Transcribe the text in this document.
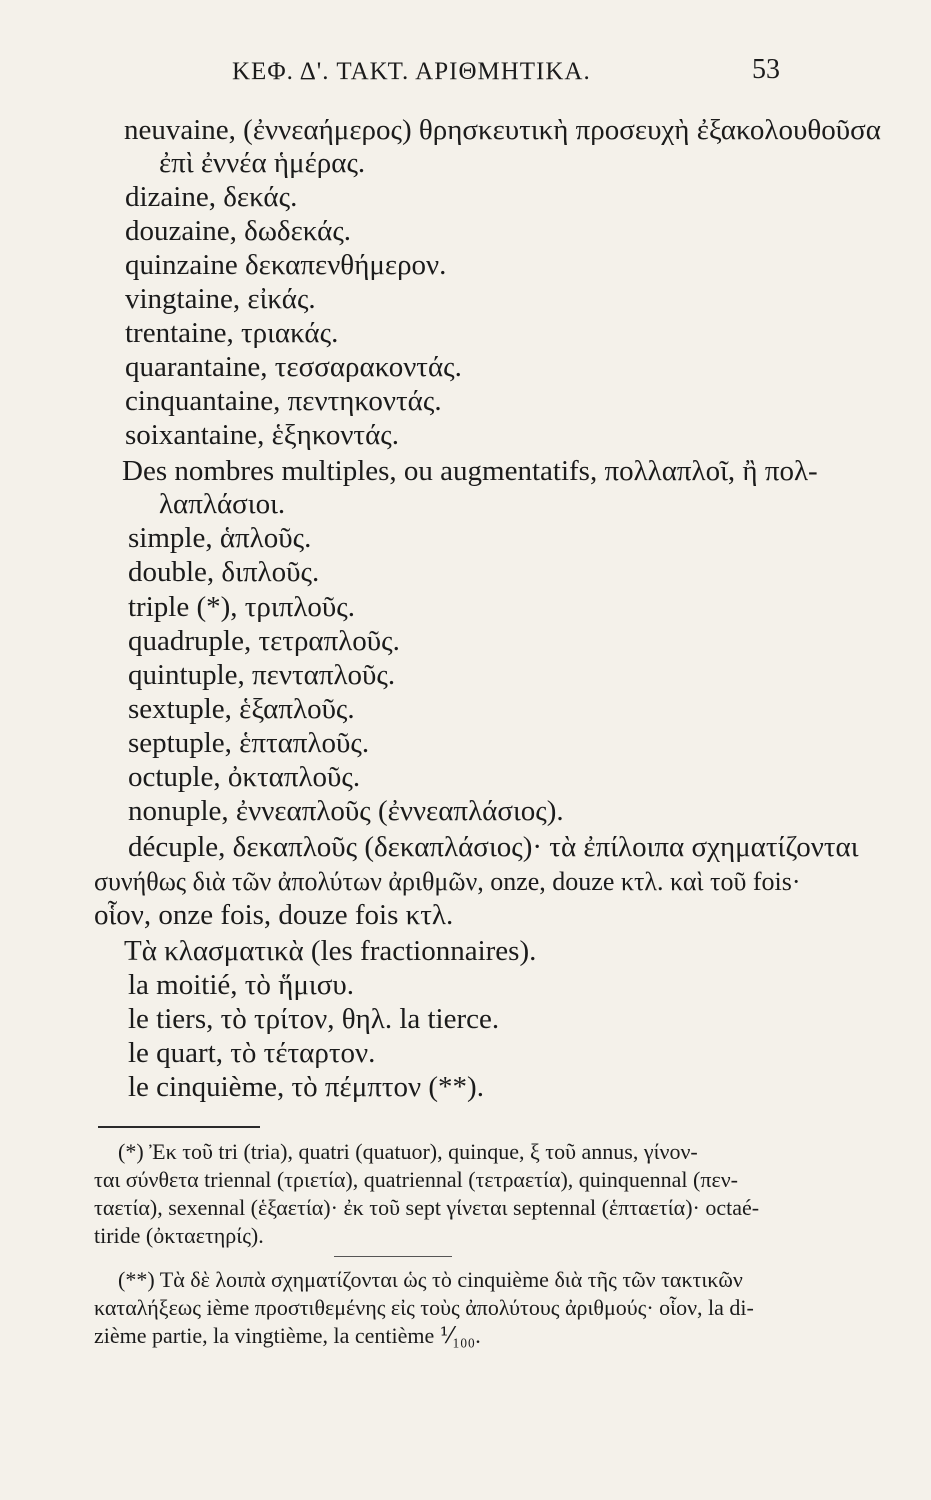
ΚΕΦ. Δ'. ΤΑΚΤ. ΑΡΙΘΜΗΤΙΚΑ.	53
neuvaine, (ἐννεαήμερος) θρησκευτικὴ προσευχὴ ἐξακολουθοῦσα
ἐπὶ ἐννέα ἡμέρας.
dizaine, δεκάς.
douzaine, δωδεκάς.
quinzaine δεκαπενθήμερον.
vingtaine, εἰκάς.
trentaine, τριακάς.
quarantaine, τεσσαρακοντάς.
cinquantaine, πεντηκοντάς.
soixantaine, ἑξηκοντάς.
Des nombres multiples, ou augmentatifs, πολλαπλοῖ, ἢ πολ-
λαπλάσιοι.
simple, ἁπλοῦς.
double, διπλοῦς.
triple (*), τριπλοῦς.
quadruple, τετραπλοῦς.
quintuple, πενταπλοῦς.
sextuple, ἑξαπλοῦς.
septuple, ἑπταπλοῦς.
octuple, ὀκταπλοῦς.
nonuple, ἐννεαπλοῦς (ἐννεαπλάσιος).
décuple, δεκαπλοῦς (δεκαπλάσιος)· τὰ ἐπίλοιπα σχηματίζονται
συνήθως διὰ τῶν ἀπολύτων ἀριθμῶν, onze, douze κτλ. καὶ τοῦ fois·
οἷον, onze fois, douze fois κτλ.
Τὰ κλασματικὰ (les fractionnaires).
la moitié, τὸ ἥμισυ.
le tiers, τὸ τρίτον, θηλ. la tierce.
le quart, τὸ τέταρτον.
le cinquième, τὸ πέμπτον (**).
(*) Ἐκ τοῦ tri (tria), quatri (quatuor), quinque, ξ τοῦ annus, γίνον-
ται σύνθετα triennal (τριετία), quatriennal (τετραετία), quinquennal (πεν-
ταετία), sexennal (ἑξαετία)· ἐκ τοῦ sept γίνεται septennal (ἑπταετία)· octaé-
tiride (ὀκταετηρίς).
(**) Τὰ δὲ λοιπὰ σχηματίζονται ὡς τὸ cinquième διὰ τῆς τῶν τακτικῶν
καταλήξεως ième προστιθεμένης εἰς τοὺς ἀπολύτους ἀριθμούς· οἷον, la di-
zième partie, la vingtième, la centième ⅟₁₀₀.
